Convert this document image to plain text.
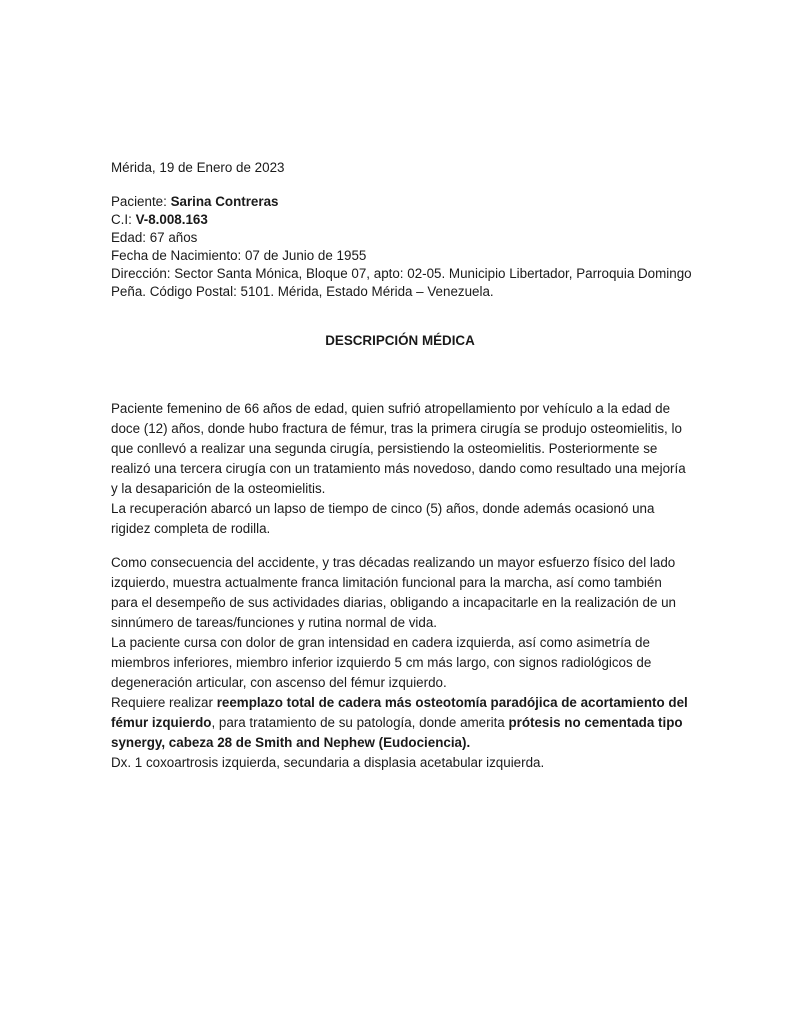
Mérida, 19 de Enero de 2023
Paciente: Sarina Contreras
C.I: V-8.008.163
Edad: 67 años
Fecha de Nacimiento: 07 de Junio de 1955
Dirección: Sector Santa Mónica, Bloque 07, apto: 02-05. Municipio Libertador, Parroquia Domingo
Peña. Código Postal: 5101. Mérida, Estado Mérida – Venezuela.
DESCRIPCIÓN MÉDICA

Paciente femenino de 66 años de edad, quien sufrió atropellamiento por vehículo a la edad de doce (12) años, donde hubo fractura de fémur, tras la primera cirugía se produjo osteomielitis, lo que conllevó a realizar una segunda cirugía, persistiendo la osteomielitis. Posteriormente se realizó una tercera cirugía con un tratamiento más novedoso, dando como resultado una mejoría y la desaparición de la osteomielitis.

La recuperación abarcó un lapso de tiempo de cinco (5) años, donde además ocasionó una rigidez completa de rodilla.

Como consecuencia del accidente, y tras décadas realizando un mayor esfuerzo físico del lado izquierdo, muestra actualmente franca limitación funcional para la marcha, así como también para el desempeño de sus actividades diarias, obligando a incapacitarle en la realización de un sinnúmero de tareas/funciones y rutina normal de vida.

La paciente cursa con dolor de gran intensidad en cadera izquierda, así como asimetría de miembros inferiores, miembro inferior izquierdo 5 cm más largo, con signos radiológicos de degeneración articular, con ascenso del fémur izquierdo.

Requiere realizar reemplazo total de cadera más osteotomía paradójica de acortamiento del fémur izquierdo, para tratamiento de su patología, donde amerita prótesis no cementada tipo synergy, cabeza 28 de Smith and Nephew (Eudociencia).

Dx. 1 coxoartrosis izquierda, secundaria a displasia acetabular izquierda.
